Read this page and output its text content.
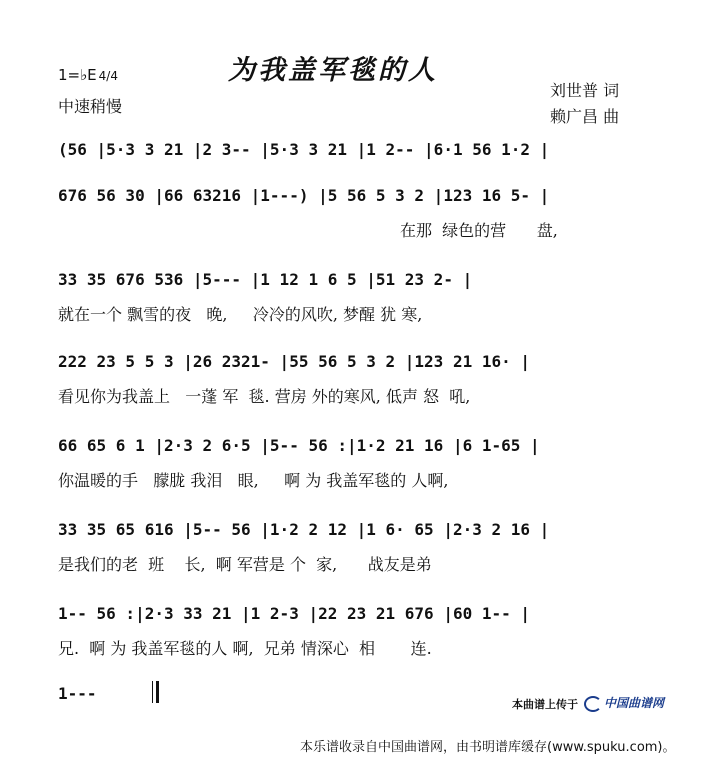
1=♭E 4/4
中速稍慢
为我盖军毯的人
刘世普 词
赖广昌 曲
(56 |5·3 3 21 |2 3-- |5·3 3 21 |1 2-- |6·1 56 1·2 |
676 56 30 |66 63216 |1---) |5 56 5 3 2 |123 16 5- |
在那  绿色的营      盘,
33 35 676 536 |5--- |1 12 1 6 5 |51 23 2- |
就在一个 飘雪的夜   晚,     冷冷的风吹, 梦醒 犹 寒,
222 23 5 5 3 |26 2321- |55 56 5 3 2 |123 21 16· |
看见你为我盖上   一蓬 军  毯. 营房 外的寒风, 低声 怒  吼,
66 65 6 1 |2·3 2 6·5 |5-- 56 :|1·2 21 16 |6 1-65 |
你温暖的手   朦胧 我泪   眼,     啊 为 我盖军毯的 人啊,
33 35 65 616 |5-- 56 |1·2 2 12 |1 6· 65 |2·3 2 16 |
是我们的老  班    长,  啊 军营是 个  家,      战友是弟
1-- 56 :|2·3 33 21 |1 2-3 |22 23 21 676 |60 1-- |
兄.  啊 为 我盖军毯的人 啊,  兄弟 情深心  相       连.
1---
本曲谱上传于	中国曲谱网
本乐谱收录自中国曲谱网，由书明谱库缓存(www.spuku.com)。
